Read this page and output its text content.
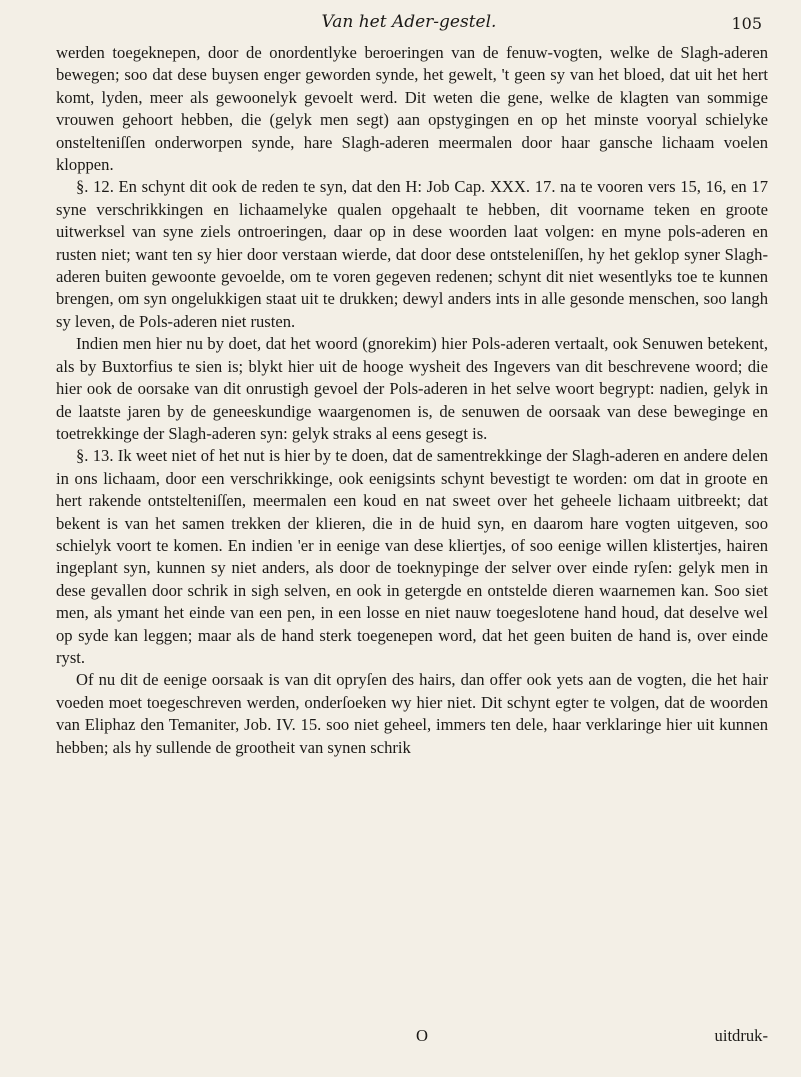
Van het Ader-gestel.	105

werden toegeknepen, door de onordentlyke beroeringen van de fenuw-vogten, welke de Slagh-aderen bewegen; soo dat dese buysen enger geworden synde, het gewelt, 't geen sy van het bloed, dat uit het hert komt, lyden, meer als gewoonelyk gevoelt werd. Dit weten die gene, welke de klagten van sommige vrouwen gehoort hebben, die (gelyk men segt) aan opstygingen en op het minste vooryal schielyke onstelteniſſen onderworpen synde, hare Slagh-aderen meermalen door haar gansche lichaam voelen kloppen.

§. 12. En schynt dit ook de reden te syn, dat den H: Job Cap. XXX. 17. na te vooren vers 15, 16, en 17 syne verschrikkingen en lichaamelyke qualen opgehaalt te hebben, dit voorname teken en groote uitwerksel van syne ziels ontroeringen, daar op in dese woorden laat volgen: en myne pols-aderen en rusten niet; want ten sy hier door verstaan wierde, dat door dese ontsteleniſſen, hy het geklop syner Slagh-aderen buiten gewoonte gevoelde, om te voren gegeven redenen; schynt dit niet wesentlyks toe te kunnen brengen, om syn ongelukkigen staat uit te drukken; dewyl anders ints in alle gesonde menschen, soo langh sy leven, de Pols-aderen niet rusten.

Indien men hier nu by doet, dat het woord (gnorekim) hier Pols-aderen vertaalt, ook Senuwen betekent, als by Buxtorfius te sien is; blykt hier uit de hooge wysheit des Ingevers van dit beschrevene woord; die hier ook de oorsake van dit onrustigh gevoel der Pols-aderen in het selve woort begrypt: nadien, gelyk in de laatste jaren by de geneeskundige waargenomen is, de senuwen de oorsaak van dese beweginge en toetrekkinge der Slagh-aderen syn: gelyk straks al eens gesegt is.

§. 13. Ik weet niet of het nut is hier by te doen, dat de samentrekkinge der Slagh-aderen en andere delen in ons lichaam, door een verschrikkinge, ook eenigsints schynt bevestigt te worden: om dat in groote en hert rakende ontstelteniſſen, meermalen een koud en nat sweet over het geheele lichaam uitbreekt; dat bekent is van het samen trekken der klieren, die in de huid syn, en daarom hare vogten uitgeven, soo schielyk voort te komen. En indien 'er in eenige van dese kliertjes, of soo eenige willen klistertjes, hairen ingeplant syn, kunnen sy niet anders, als door de toeknypinge der selver over einde ryſen: gelyk men in dese gevallen door schrik in sigh selven, en ook in getergde en ontstelde dieren waarnemen kan. Soo siet men, als ymant het einde van een pen, in een losse en niet nauw toegeslotene hand houd, dat deselve wel op syde kan leggen; maar als de hand sterk toegenepen word, dat het geen buiten de hand is, over einde ryst.

Of nu dit de eenige oorsaak is van dit opryſen des hairs, dan offer ook yets aan de vogten, die het hair voeden moet toegeschreven werden, onderſoeken wy hier niet. Dit schynt egter te volgen, dat de woorden van Eliphaz den Temaniter, Job. IV. 15. soo niet geheel, immers ten dele, haar verklaringe hier uit kunnen hebben; als hy sullende de grootheit van synen schrik

O	uitdruk-
